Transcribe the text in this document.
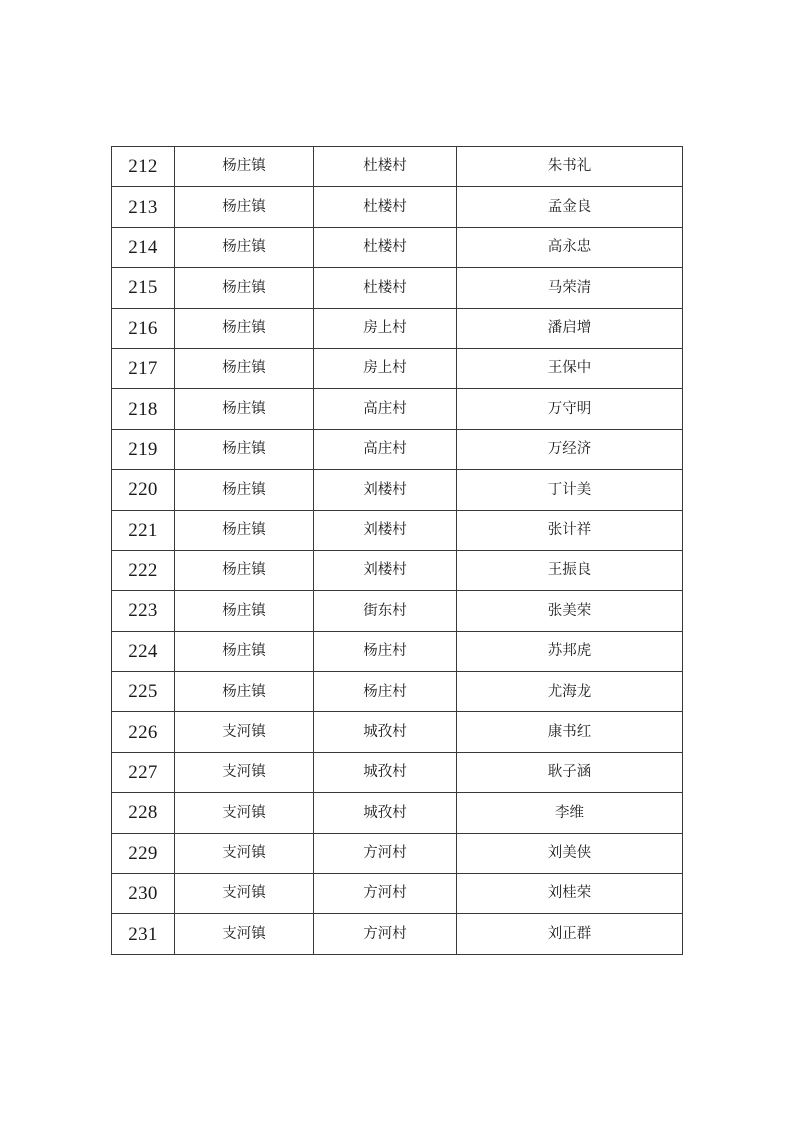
212	杨庄镇	杜楼村	朱书礼
213	杨庄镇	杜楼村	孟金良
214	杨庄镇	杜楼村	高永忠
215	杨庄镇	杜楼村	马荣清
216	杨庄镇	房上村	潘启增
217	杨庄镇	房上村	王保中
218	杨庄镇	高庄村	万守明
219	杨庄镇	高庄村	万经济
220	杨庄镇	刘楼村	丁计美
221	杨庄镇	刘楼村	张计祥
222	杨庄镇	刘楼村	王振良
223	杨庄镇	街东村	张美荣
224	杨庄镇	杨庄村	苏邦虎
225	杨庄镇	杨庄村	尤海龙
226	支河镇	城孜村	康书红
227	支河镇	城孜村	耿子涵
228	支河镇	城孜村	李维
229	支河镇	方河村	刘美侠
230	支河镇	方河村	刘桂荣
231	支河镇	方河村	刘正群
